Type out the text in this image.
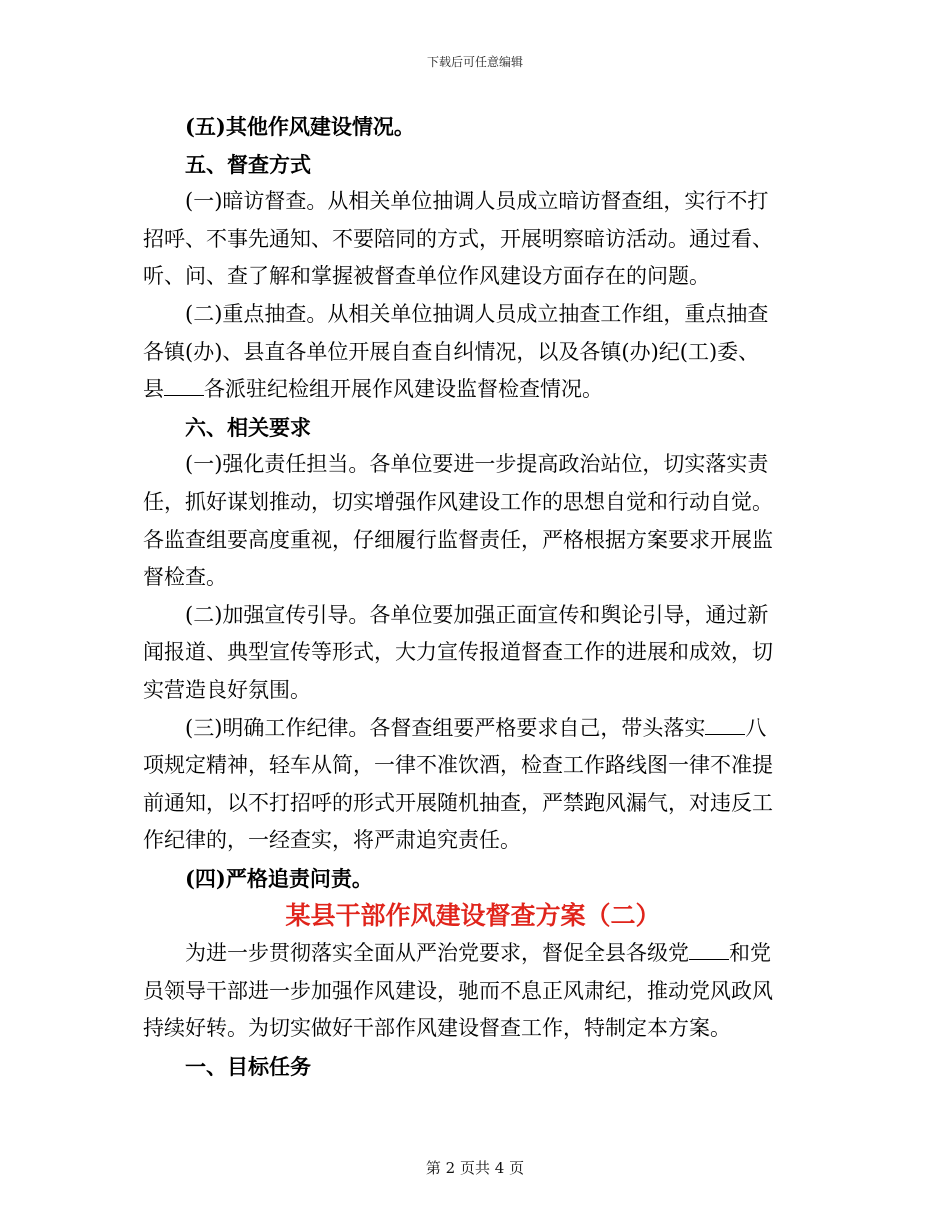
下载后可任意编辑
(五)其他作风建设情况。
五、督查方式
(一)暗访督查。从相关单位抽调人员成立暗访督查组，实行不打
招呼、不事先通知、不要陪同的方式，开展明察暗访活动。通过看、
听、问、查了解和掌握被督查单位作风建设方面存在的问题。
(二)重点抽查。从相关单位抽调人员成立抽查工作组，重点抽查
各镇(办)、县直各单位开展自查自纠情况，以及各镇(办)纪(工)委、
县 各派驻纪检组开展作风建设监督检查情况。
六、相关要求
(一)强化责任担当。各单位要进一步提高政治站位，切实落实责
任，抓好谋划推动，切实增强作风建设工作的思想自觉和行动自觉。
各监查组要高度重视，仔细履行监督责任，严格根据方案要求开展监
督检查。
(二)加强宣传引导。各单位要加强正面宣传和舆论引导，通过新
闻报道、典型宣传等形式，大力宣传报道督查工作的进展和成效，切
实营造良好氛围。
(三)明确工作纪律。各督查组要严格要求自己，带头落实 八
项规定精神，轻车从简，一律不准饮酒，检查工作路线图一律不准提
前通知，以不打招呼的形式开展随机抽查，严禁跑风漏气，对违反工
作纪律的，一经查实，将严肃追究责任。
(四)严格追责问责。
某县干部作风建设督查方案（二）
为进一步贯彻落实全面从严治党要求，督促全县各级党 和党
员领导干部进一步加强作风建设，驰而不息正风肃纪，推动党风政风
持续好转。为切实做好干部作风建设督查工作，特制定本方案。
一、目标任务
第 2 页共 4 页
